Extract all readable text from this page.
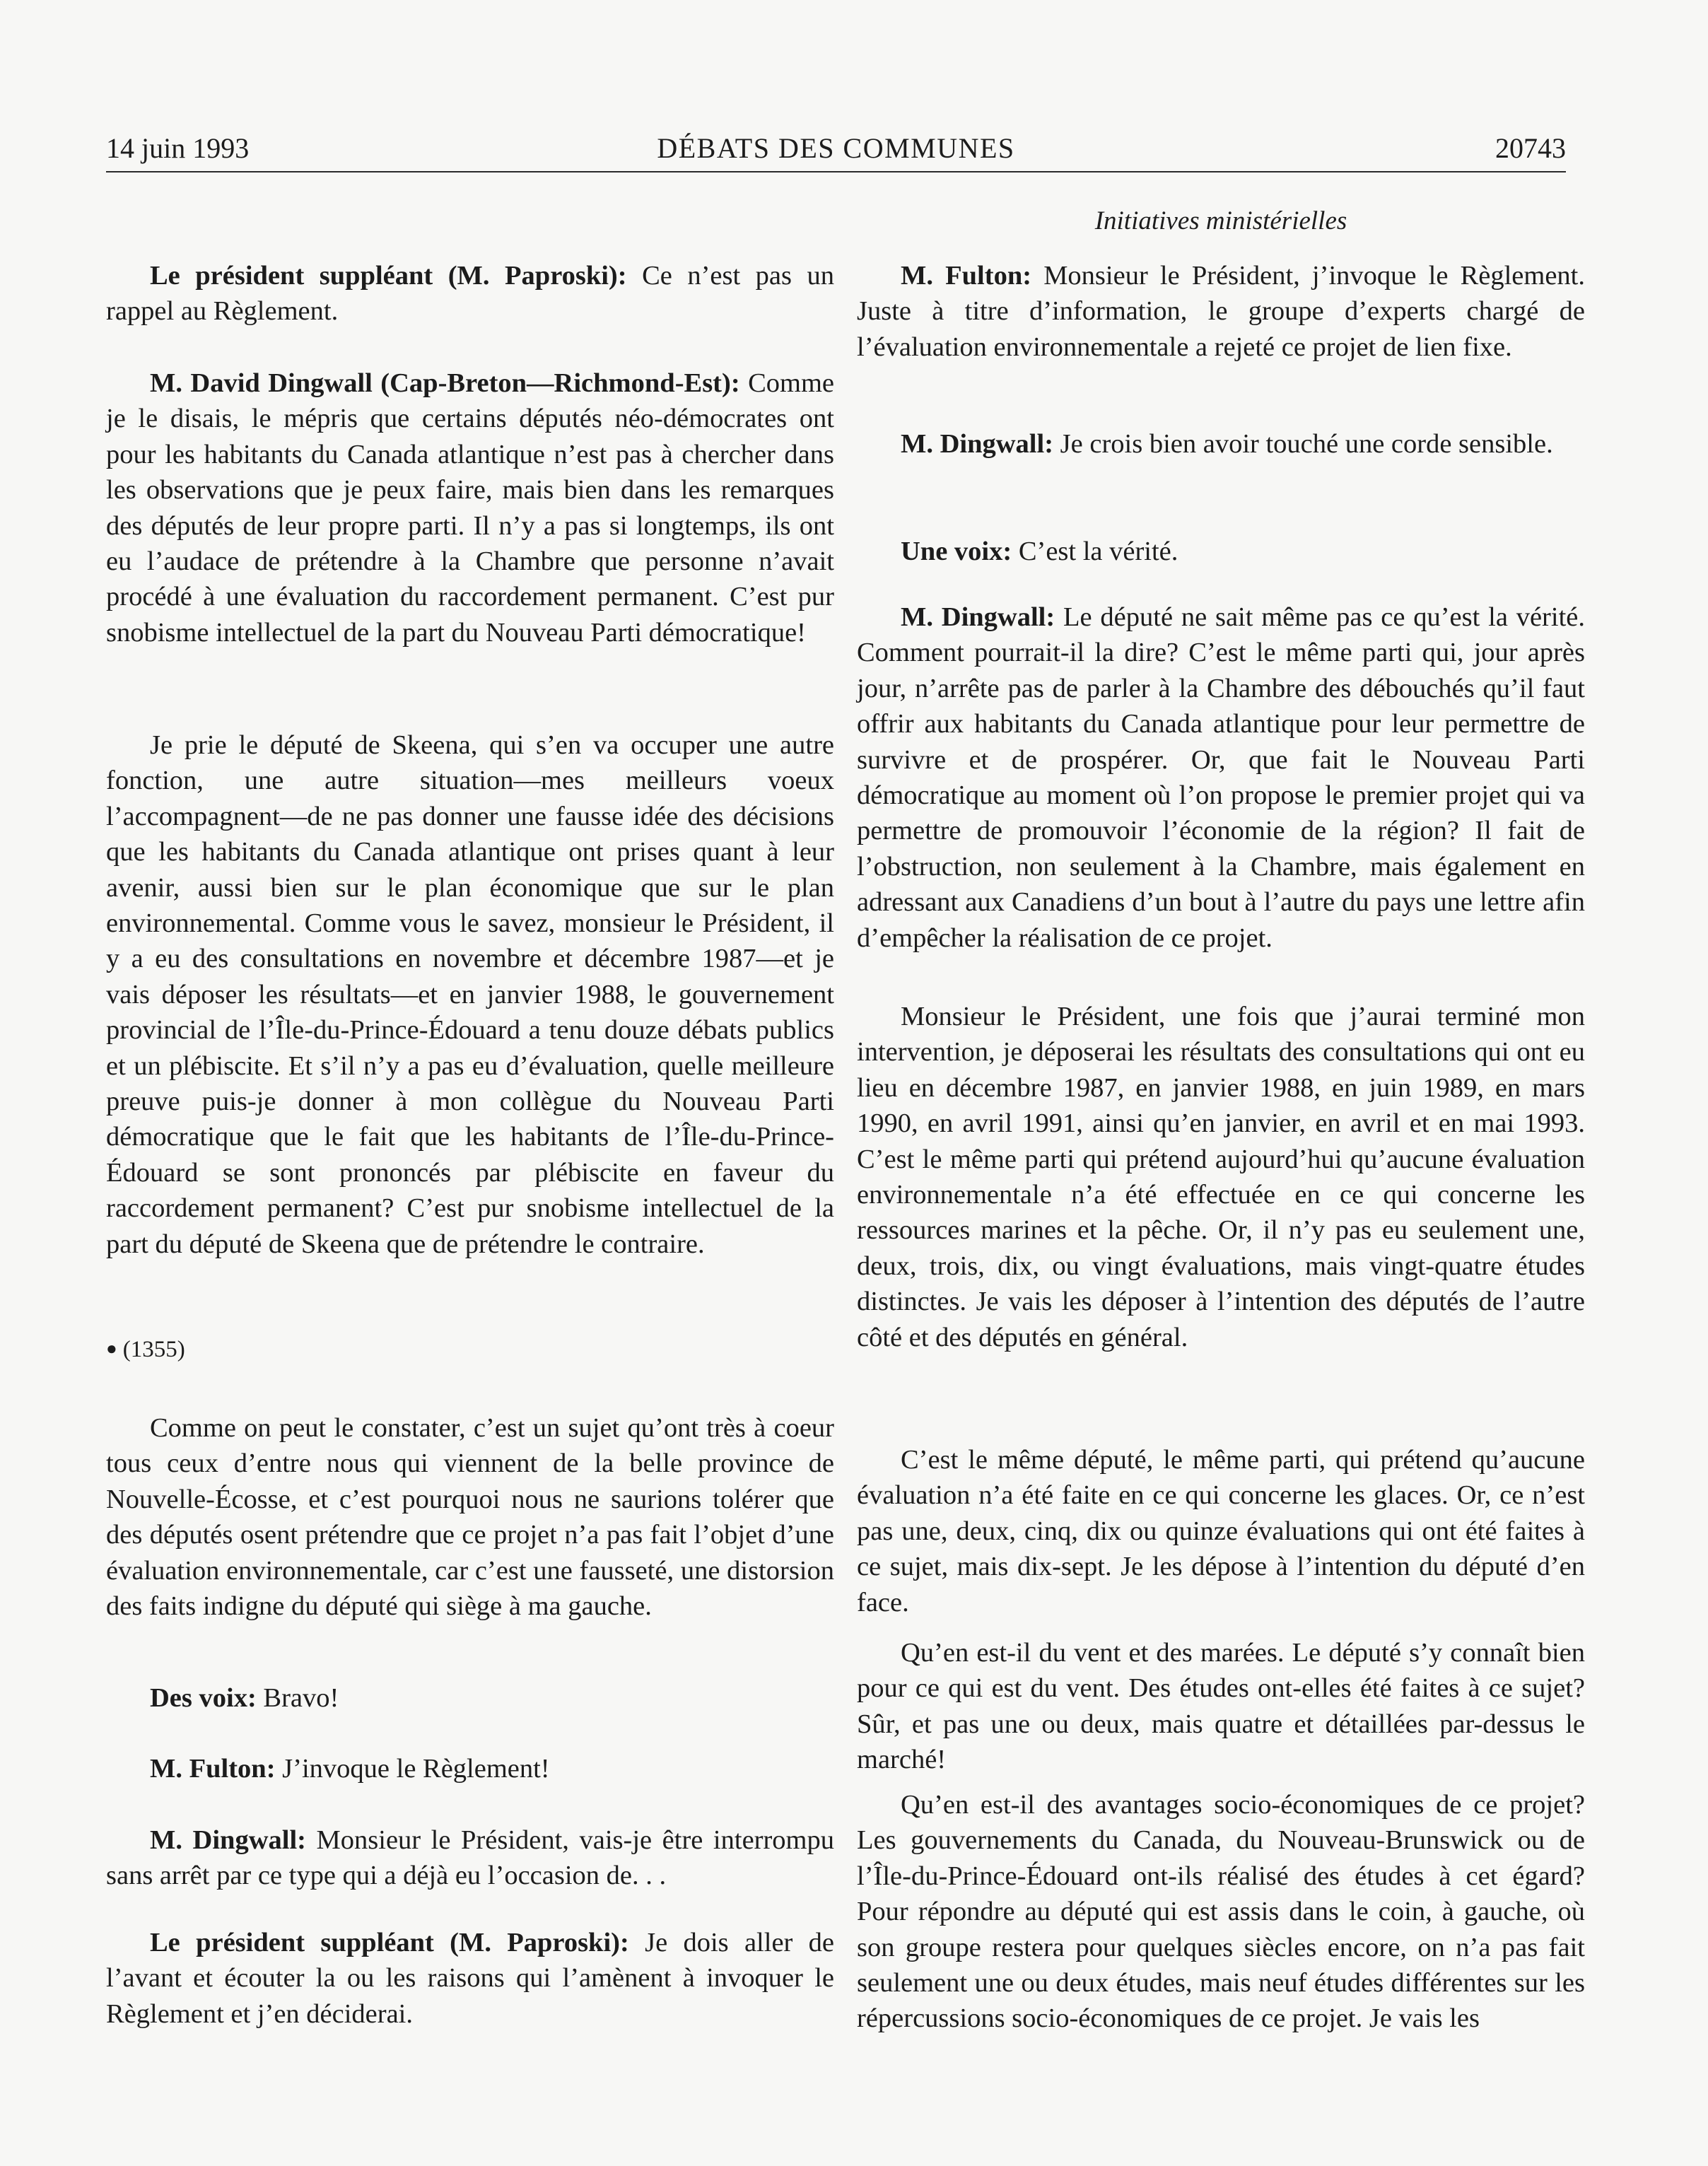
14 juin 1993	DÉBATS DES COMMUNES	20743

Le président suppléant (M. Paproski): Ce n’est pas un rappel au Règlement.

M. David Dingwall (Cap-Breton—Richmond-Est): Comme je le disais, le mépris que certains députés néo-démocrates ont pour les habitants du Canada atlantique n’est pas à chercher dans les observations que je peux faire, mais bien dans les remarques des députés de leur propre parti. Il n’y a pas si longtemps, ils ont eu l’audace de prétendre à la Chambre que personne n’avait procédé à une évaluation du raccordement permanent. C’est pur snobisme intellectuel de la part du Nouveau Parti démocratique!

Je prie le député de Skeena, qui s’en va occuper une autre fonction, une autre situation—mes meilleurs voeux l’accompagnent—de ne pas donner une fausse idée des décisions que les habitants du Canada atlantique ont prises quant à leur avenir, aussi bien sur le plan économique que sur le plan environnemental. Comme vous le savez, monsieur le Président, il y a eu des consultations en novembre et décembre 1987—et je vais déposer les résultats—et en janvier 1988, le gouvernement provincial de l’Île-du-Prince-Édouard a tenu douze débats publics et un plébiscite. Et s’il n’y a pas eu d’évaluation, quelle meilleure preuve puis-je donner à mon collègue du Nouveau Parti démocratique que le fait que les habitants de l’Île-du-Prince-Édouard se sont prononcés par plébiscite en faveur du raccordement permanent? C’est pur snobisme intellectuel de la part du député de Skeena que de prétendre le contraire.

● (1355)

Comme on peut le constater, c’est un sujet qu’ont très à coeur tous ceux d’entre nous qui viennent de la belle province de Nouvelle-Écosse, et c’est pourquoi nous ne saurions tolérer que des députés osent prétendre que ce projet n’a pas fait l’objet d’une évaluation environnementale, car c’est une fausseté, une distorsion des faits indigne du député qui siège à ma gauche.

Des voix: Bravo!

M. Fulton: J’invoque le Règlement!

M. Dingwall: Monsieur le Président, vais-je être interrompu sans arrêt par ce type qui a déjà eu l’occasion de. . .

Le président suppléant (M. Paproski): Je dois aller de l’avant et écouter la ou les raisons qui l’amènent à invoquer le Règlement et j’en déciderai.

Initiatives ministérielles

M. Fulton: Monsieur le Président, j’invoque le Règlement. Juste à titre d’information, le groupe d’experts chargé de l’évaluation environnementale a rejeté ce projet de lien fixe.

M. Dingwall: Je crois bien avoir touché une corde sensible.

Une voix: C’est la vérité.

M. Dingwall: Le député ne sait même pas ce qu’est la vérité. Comment pourrait-il la dire? C’est le même parti qui, jour après jour, n’arrête pas de parler à la Chambre des débouchés qu’il faut offrir aux habitants du Canada atlantique pour leur permettre de survivre et de prospérer. Or, que fait le Nouveau Parti démocratique au moment où l’on propose le premier projet qui va permettre de promouvoir l’économie de la région? Il fait de l’obstruction, non seulement à la Chambre, mais également en adressant aux Canadiens d’un bout à l’autre du pays une lettre afin d’empêcher la réalisation de ce projet.

Monsieur le Président, une fois que j’aurai terminé mon intervention, je déposerai les résultats des consultations qui ont eu lieu en décembre 1987, en janvier 1988, en juin 1989, en mars 1990, en avril 1991, ainsi qu’en janvier, en avril et en mai 1993. C’est le même parti qui prétend aujourd’hui qu’aucune évaluation environnementale n’a été effectuée en ce qui concerne les ressources marines et la pêche. Or, il n’y pas eu seulement une, deux, trois, dix, ou vingt évaluations, mais vingt-quatre études distinctes. Je vais les déposer à l’intention des députés de l’autre côté et des députés en général.

C’est le même député, le même parti, qui prétend qu’aucune évaluation n’a été faite en ce qui concerne les glaces. Or, ce n’est pas une, deux, cinq, dix ou quinze évaluations qui ont été faites à ce sujet, mais dix-sept. Je les dépose à l’intention du député d’en face.

Qu’en est-il du vent et des marées. Le député s’y connaît bien pour ce qui est du vent. Des études ont-elles été faites à ce sujet? Sûr, et pas une ou deux, mais quatre et détaillées par-dessus le marché!

Qu’en est-il des avantages socio-économiques de ce projet? Les gouvernements du Canada, du Nouveau-Brunswick ou de l’Île-du-Prince-Édouard ont-ils réalisé des études à cet égard? Pour répondre au député qui est assis dans le coin, à gauche, où son groupe restera pour quelques siècles encore, on n’a pas fait seulement une ou deux études, mais neuf études différentes sur les répercussions socio-économiques de ce projet. Je vais les
